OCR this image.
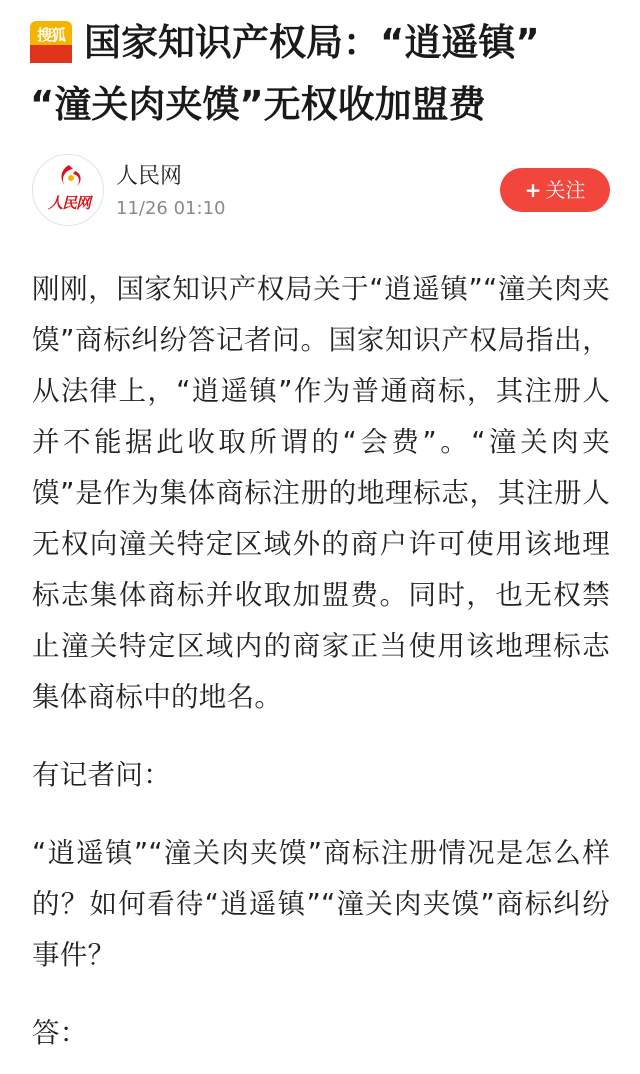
搜狐 国家知识产权局：“逍遥镇”
“潼关肉夹馍”无权收加盟费
人民网
人民网
11/26 01:10
+ 关注

刚刚，国家知识产权局关于“逍遥镇”“潼关肉夹馍”商标纠纷答记者问。国家知识产权局指出，从法律上，“逍遥镇”作为普通商标，其注册人并不能据此收取所谓的“会费”。“潼关肉夹馍”是作为集体商标注册的地理标志，其注册人无权向潼关特定区域外的商户许可使用该地理标志集体商标并收取加盟费。同时，也无权禁止潼关特定区域内的商家正当使用该地理标志集体商标中的地名。

有记者问：

“逍遥镇”“潼关肉夹馍”商标注册情况是怎么样的？如何看待“逍遥镇”“潼关肉夹馍”商标纠纷事件？

答：
